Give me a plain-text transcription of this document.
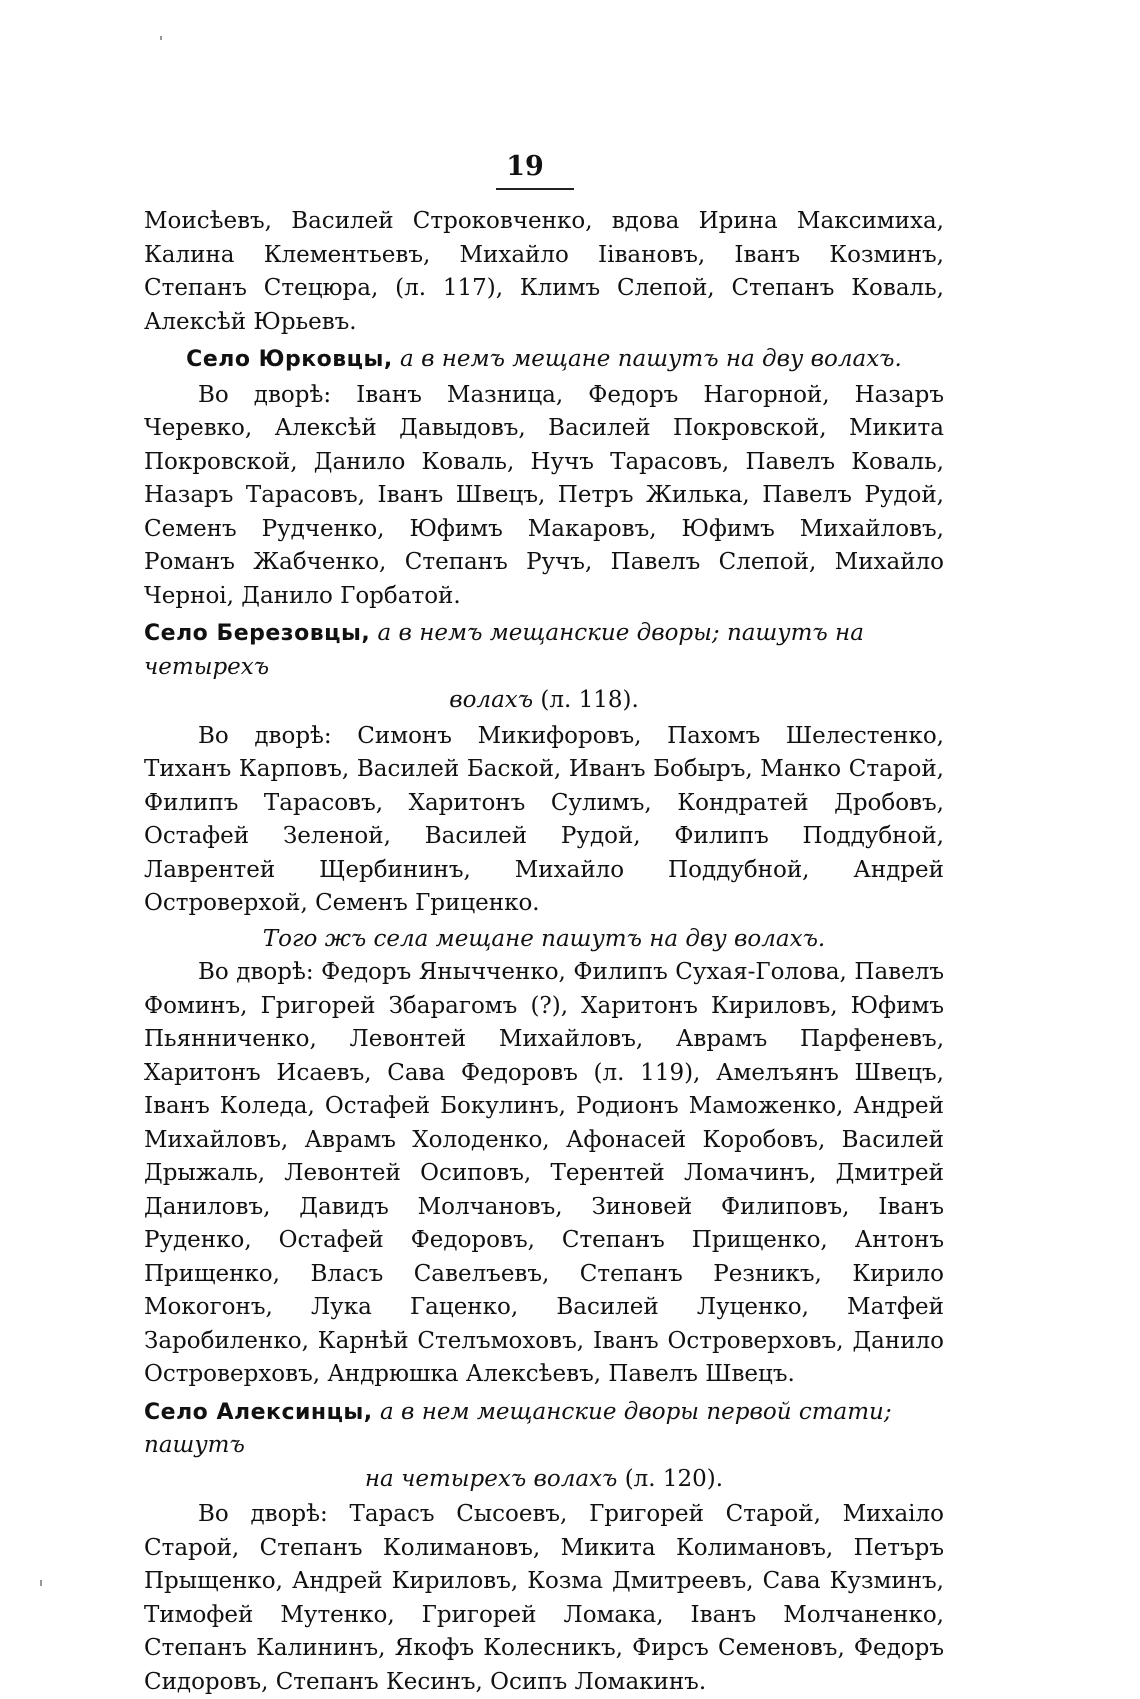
19

Моисѣевъ, Василей Строковченко, вдова Ирина Максимиха, Калина Клементьевъ, Михайло Іівановъ, Іванъ Козминъ, Степанъ Стецюра, (л. 117), Климъ Слепой, Степанъ Коваль, Алексѣй Юрьевъ.

Село Юрковцы, а в немъ мещане пашутъ на дву волахъ.

Во дворѣ: Іванъ Мазница, Федоръ Нагорной, Назаръ Черевко, Алексѣй Давыдовъ, Василей Покровской, Микита Покровской, Данило Коваль, Нучъ Тарасовъ, Павелъ Коваль, Назаръ Тарасовъ, Іванъ Швецъ, Петръ Жилька, Павелъ Рудой, Семенъ Рудченко, Юфимъ Макаровъ, Юфимъ Михайловъ, Романъ Жабченко, Степанъ Ручъ, Павелъ Слепой, Михайло Черноі, Данило Горбатой.

Село Березовцы, а в немъ мещанские дворы; пашутъ на четырехъ
волахъ (л. 118).

Во дворѣ: Симонъ Микифоровъ, Пахомъ Шелестенко, Тиханъ Карповъ, Василей Баской, Иванъ Бобыръ, Манко Старой, Филипъ Тарасовъ, Харитонъ Сулимъ, Кондратей Дробовъ, Остафей Зеленой, Василей Рудой, Филипъ Поддубной, Лаврентей Щербининъ, Михайло Поддубной, Андрей Островерхой, Семенъ Гриценко.

Того жъ села мещане пашутъ на дву волахъ.

Во дворѣ: Федоръ Янычченко, Филипъ Сухая-Голова, Павелъ Фоминъ, Григорей Збарагомъ (?), Харитонъ Кириловъ, Юфимъ Пьянниченко, Левонтей Михайловъ, Аврамъ Парфеневъ, Харитонъ Исаевъ, Сава Федоровъ (л. 119), Амелъянъ Швецъ, Іванъ Коледа, Остафей Бокулинъ, Родионъ Маможенко, Андрей Михайловъ, Аврамъ Холоденко, Афонасей Коробовъ, Василей Дрыжаль, Левонтей Осиповъ, Терентей Ломачинъ, Дмитрей Даниловъ, Давидъ Молчановъ, Зиновей Филиповъ, Іванъ Руденко, Остафей Федоровъ, Степанъ Прищенко, Антонъ Прищенко, Власъ Савелъевъ, Степанъ Резникъ, Кирило Мокогонъ, Лука Гаценко, Василей Луценко, Матфей Заробиленко, Карнѣй Стелъмоховъ, Іванъ Островерховъ, Данило Островерховъ, Андрюшка Алексѣевъ, Павелъ Швецъ.

Село Алексинцы, а в нем мещанские дворы первой стати; пашутъ
на четырехъ волахъ (л. 120).

Во дворѣ: Тарасъ Сысоевъ, Григорей Старой, Михаіло Старой, Степанъ Колимановъ, Микита Колимановъ, Петъръ Прыщенко, Андрей Кириловъ, Козма Дмитреевъ, Сава Кузминъ, Тимофей Мутенко, Григорей Ломака, Іванъ Молчаненко, Степанъ Калининъ, Якофъ Колесникъ, Фирсъ Семеновъ, Федоръ Сидоровъ, Степанъ Кесинъ, Осипъ Ломакинъ.
